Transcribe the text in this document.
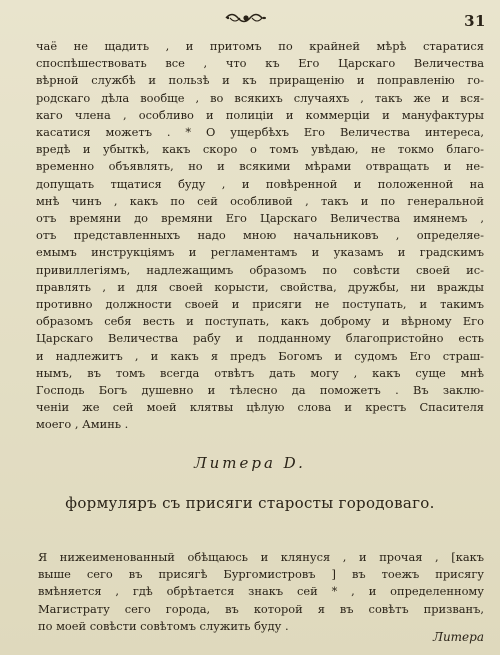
31
чаё не щадить , и притомъ по крайней мѣрѣ старатися
споспѣшествовать все , что къ Его Царскаго Величества
вѣрной службѣ и пользѣ и къ приращенiю и поправленiю го-
родскаго дѣла вообще , во всякихъ случаяхъ , такъ же и вся-
каго члена , особливо и полицiи и коммерцiи и мануфактуры
касатися можетъ . * О ущербѣхъ Его Величества интереса,
вредѣ и убыткѣ, какъ скоро о томъ увѣдаю, не токмо благо-
временно объявлять, но и всякими мѣрами отвращать и не-
допущать тщатися буду , и повѣренной и положенной на
мнѣ чинъ , какъ по сей особливой , такъ и по генеральной
отъ времяни до времяни Его Царскаго Величества имянемъ ,
отъ представленныхъ надо мною начальниковъ , определяе-
емымъ инструкцiямъ и регламентамъ и указамъ и градскимъ
привиллегiямъ, надлежащимъ образомъ по совѣсти своей ис-
правлять , и для своей корысти, свойства, дружбы, ни вражды
противно должности своей и присяги не поступать, и такимъ
образомъ себя весть и поступать, какъ доброму и вѣрному Его
Царскаго Величества рабу и подданному благопристойно есть
и надлежитъ , и какъ я предъ Богомъ и судомъ Его страш-
нымъ, въ томъ всегда отвѣтъ дать могу , какъ суще мнѣ
Господь Богъ душевно и тѣлесно да поможетъ . Въ заклю-
ченiи же сей моей клятвы цѣлую слова и крестъ Спасителя
моего , Аминь .
Литера D.
формуляръ съ присяги старосты городоваго.
Я нижеименованный обѣщаюсь и клянуся , и прочая , [какъ
выше сего въ присягѣ Бургомистровъ ] въ тоежъ присягу
вмѣняется , гдѣ обрѣтается знакъ сей * , и определенному
Магистрату сего города, въ которой я въ совѣтъ призванъ,
по моей совѣсти совѣтомъ служить буду .
Литера
